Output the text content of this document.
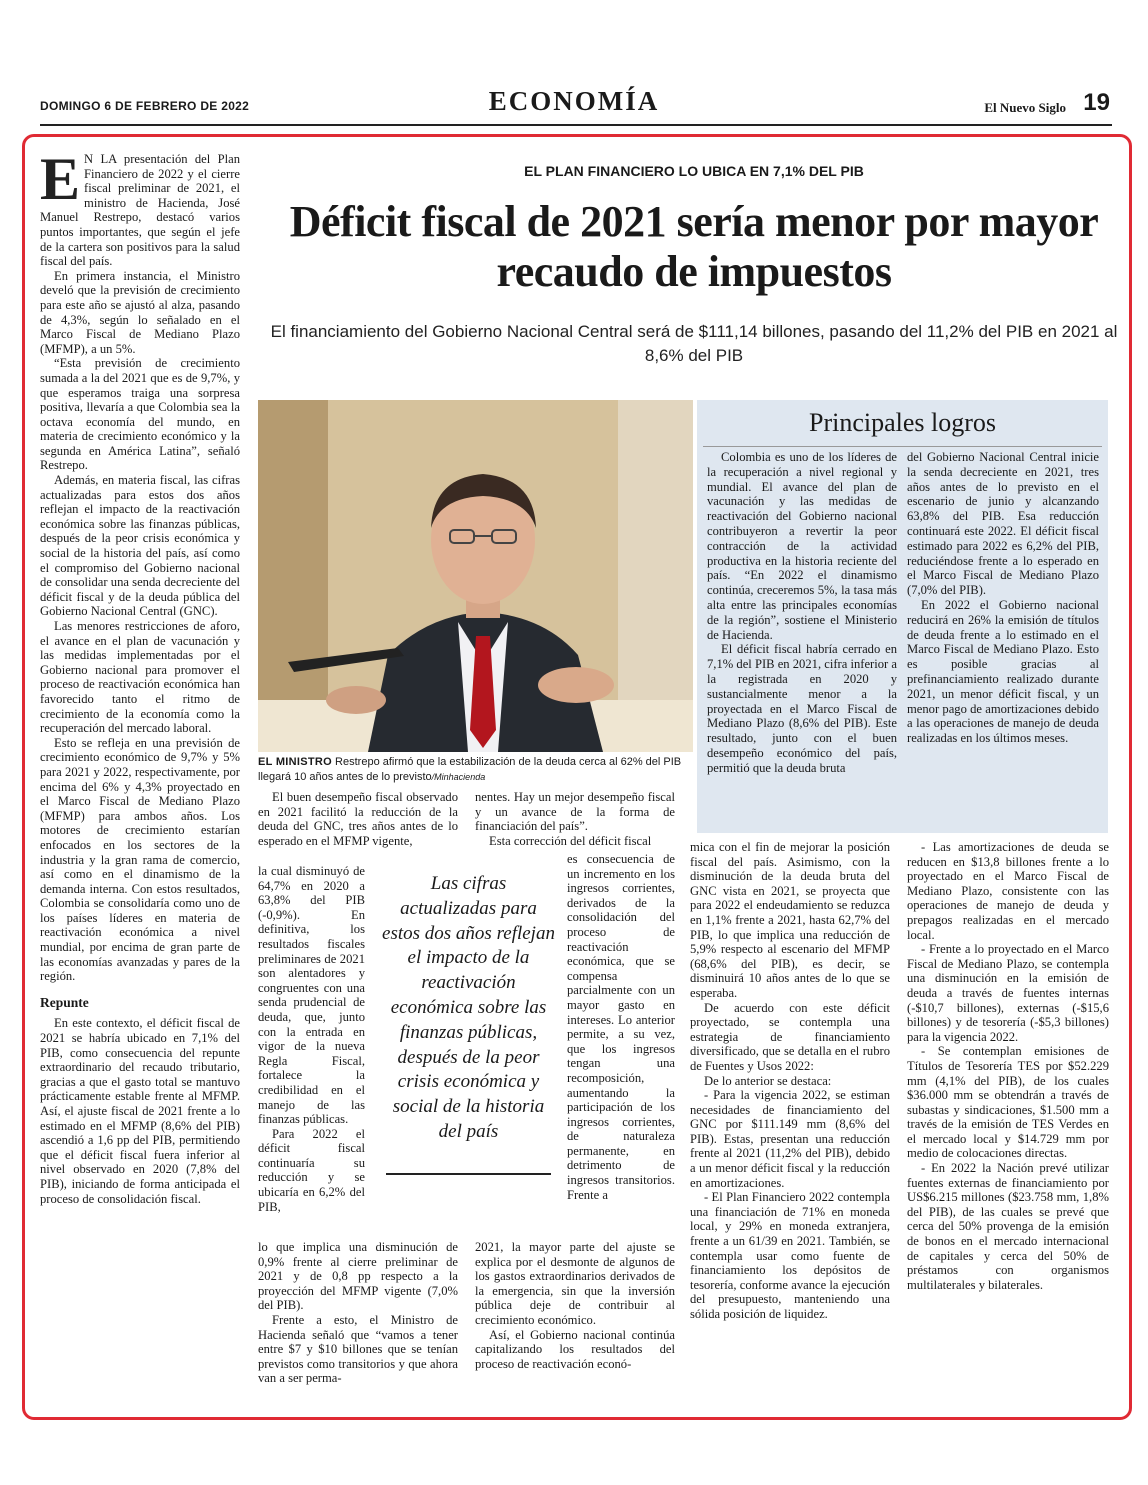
DOMINGO 6 DE FEBRERO DE 2022	ECONOMÍA	El Nuevo Siglo 19
E N LA presentación del Plan Financiero de 2022 y el cierre fiscal preliminar de 2021, el ministro de Hacienda, José Manuel Restrepo, destacó varios puntos importantes, que según el jefe de la cartera son positivos para la salud fiscal del país.

En primera instancia, el Ministro develó que la previsión de crecimiento para este año se ajustó al alza, pasando de 4,3%, según lo señalado en el Marco Fiscal de Mediano Plazo (MFMP), a un 5%.

“Esta previsión de crecimiento sumada a la del 2021 que es de 9,7%, y que esperamos traiga una sorpresa positiva, llevaría a que Colombia sea la octava economía del mundo, en materia de crecimiento económico y la segunda en América Latina”, señaló Restrepo.

Además, en materia fiscal, las cifras actualizadas para estos dos años reflejan el impacto de la reactivación económica sobre las finanzas públicas, después de la peor crisis económica y social de la historia del país, así como el compromiso del Gobierno nacional de consolidar una senda decreciente del déficit fiscal y de la deuda pública del Gobierno Nacional Central (GNC).

Las menores restricciones de aforo, el avance en el plan de vacunación y las medidas implementadas por el Gobierno nacional para promover el proceso de reactivación económica han favorecido tanto el ritmo de crecimiento de la economía como la recuperación del mercado laboral.

Esto se refleja en una previsión de crecimiento económico de 9,7% y 5% para 2021 y 2022, respectivamente, por encima del 6% y 4,3% proyectado en el Marco Fiscal de Mediano Plazo (MFMP) para ambos años. Los motores de crecimiento estarían enfocados en los sectores de la industria y la gran rama de comercio, así como en el dinamismo de la demanda interna. Con estos resultados, Colombia se consolidaría como uno de los países líderes en materia de reactivación económica a nivel mundial, por encima de gran parte de las economías avanzadas y pares de la región.

Repunte

En este contexto, el déficit fiscal de 2021 se habría ubicado en 7,1% del PIB, como consecuencia del repunte extraordinario del recaudo tributario, gracias a que el gasto total se mantuvo prácticamente estable frente al MFMP. Así, el ajuste fiscal de 2021 frente a lo estimado en el MFMP (8,6% del PIB) ascendió a 1,6 pp del PIB, permitiendo que el déficit fiscal fuera inferior al nivel observado en 2020 (7,8% del PIB), iniciando de forma anticipada el proceso de consolidación fiscal.

EL PLAN FINANCIERO LO UBICA EN 7,1% DEL PIB
Déficit fiscal de 2021 sería menor por mayor recaudo de impuestos
El financiamiento del Gobierno Nacional Central será de $111,14 billones, pasando del 11,2% del PIB en 2021 al 8,6% del PIB
EL MINISTRO Restrepo afirmó que la estabilización de la deuda cerca al 62% del PIB llegará 10 años antes de lo previsto/Minhacienda
Principales logros

Colombia es uno de los líderes de la recuperación a nivel regional y mundial. El avance del plan de vacunación y las medidas de reactivación del Gobierno nacional contribuyeron a revertir la peor contracción de la actividad productiva en la historia reciente del país. “En 2022 el dinamismo continúa, creceremos 5%, la tasa más alta entre las principales economías de la región”, sostiene el Ministerio de Hacienda.

El déficit fiscal habría cerrado en 7,1% del PIB en 2021, cifra inferior a la registrada en 2020 y sustancialmente menor a la proyectada en el Marco Fiscal de Mediano Plazo (8,6% del PIB). Este resultado, junto con el buen desempeño económico del país, permitió que la deuda bruta

del Gobierno Nacional Central inicie la senda decreciente en 2021, tres años antes de lo previsto en el escenario de junio y alcanzando 63,8% del PIB. Esa reducción continuará este 2022. El déficit fiscal estimado para 2022 es 6,2% del PIB, reduciéndose frente a lo esperado en el Marco Fiscal de Mediano Plazo (7,0% del PIB).

En 2022 el Gobierno nacional reducirá en 26% la emisión de títulos de deuda frente a lo estimado en el Marco Fiscal de Mediano Plazo. Esto es posible gracias al prefinanciamiento realizado durante 2021, un menor déficit fiscal, y un menor pago de amortizaciones debido a las operaciones de manejo de deuda realizadas en los últimos meses.

El buen desempeño fiscal observado en 2021 facilitó la reducción de la deuda del GNC, tres años antes de lo esperado en el MFMP vigente,

la cual disminuyó de 64,7% en 2020 a 63,8% del PIB (-0,9%). En definitiva, los resultados fiscales preliminares de 2021 son alentadores y congruentes con una senda prudencial de deuda, que, junto con la entrada en vigor de la nueva Regla Fiscal, fortalece la credibilidad en el manejo de las finanzas públicas.

Para 2022 el déficit fiscal continuaría su reducción y se ubicaría en 6,2% del PIB,

lo que implica una disminución de 0,9% frente al cierre preliminar de 2021 y de 0,8 pp respecto a la proyección del MFMP vigente (7,0% del PIB).

Frente a esto, el Ministro de Hacienda señaló que “vamos a tener entre $7 y $10 billones que se tenían previstos como transitorios y que ahora van a ser perma-

Las cifras actualizadas para estos dos años reflejan el impacto de la reactivación económica sobre las finanzas públicas, después de la peor crisis económica y social de la historia del país

nentes. Hay un mejor desempeño fiscal y un avance de la forma de financiación del país”.

Esta corrección del déficit fiscal

es consecuencia de un incremento en los ingresos corrientes, derivados de la consolidación del proceso de reactivación económica, que se compensa parcialmente con un mayor gasto en intereses. Lo anterior permite, a su vez, que los ingresos tengan una recomposición, aumentando la participación de los ingresos corrientes, de naturaleza permanente, en detrimento de ingresos transitorios. Frente a

2021, la mayor parte del ajuste se explica por el desmonte de algunos de los gastos extraordinarios derivados de la emergencia, sin que la inversión pública deje de contribuir al crecimiento económico.

Así, el Gobierno nacional continúa capitalizando los resultados del proceso de reactivación econó-

mica con el fin de mejorar la posición fiscal del país. Asimismo, con la disminución de la deuda bruta del GNC vista en 2021, se proyecta que para 2022 el endeudamiento se reduzca en 1,1% frente a 2021, hasta 62,7% del PIB, lo que implica una reducción de 5,9% respecto al escenario del MFMP (68,6% del PIB), es decir, se disminuirá 10 años antes de lo que se esperaba.

De acuerdo con este déficit proyectado, se contempla una estrategia de financiamiento diversificado, que se detalla en el rubro de Fuentes y Usos 2022:

De lo anterior se destaca:

- Para la vigencia 2022, se estiman necesidades de financiamiento del GNC por $111.149 mm (8,6% del PIB). Estas, presentan una reducción frente al 2021 (11,2% del PIB), debido a un menor déficit fiscal y la reducción en amortizaciones.

- El Plan Financiero 2022 contempla una financiación de 71% en moneda local, y 29% en moneda extranjera, frente a un 61/39 en 2021. También, se contempla usar como fuente de financiamiento los depósitos de tesorería, conforme avance la ejecución del presupuesto, manteniendo una sólida posición de liquidez.

- Las amortizaciones de deuda se reducen en $13,8 billones frente a lo proyectado en el Marco Fiscal de Mediano Plazo, consistente con las operaciones de manejo de deuda y prepagos realizadas en el mercado local.

- Frente a lo proyectado en el Marco Fiscal de Mediano Plazo, se contempla una disminución en la emisión de deuda a través de fuentes internas (-$10,7 billones), externas (-$15,6 billones) y de tesorería (-$5,3 billones) para la vigencia 2022.

- Se contemplan emisiones de Títulos de Tesorería TES por $52.229 mm (4,1% del PIB), de los cuales $36.000 mm se obtendrán a través de subastas y sindicaciones, $1.500 mm a través de la emisión de TES Verdes en el mercado local y $14.729 mm por medio de colocaciones directas.

- En 2022 la Nación prevé utilizar fuentes externas de financiamiento por US$6.215 millones ($23.758 mm, 1,8% del PIB), de las cuales se prevé que cerca del 50% provenga de la emisión de bonos en el mercado internacional de capitales y cerca del 50% de préstamos con organismos multilaterales y bilaterales.
